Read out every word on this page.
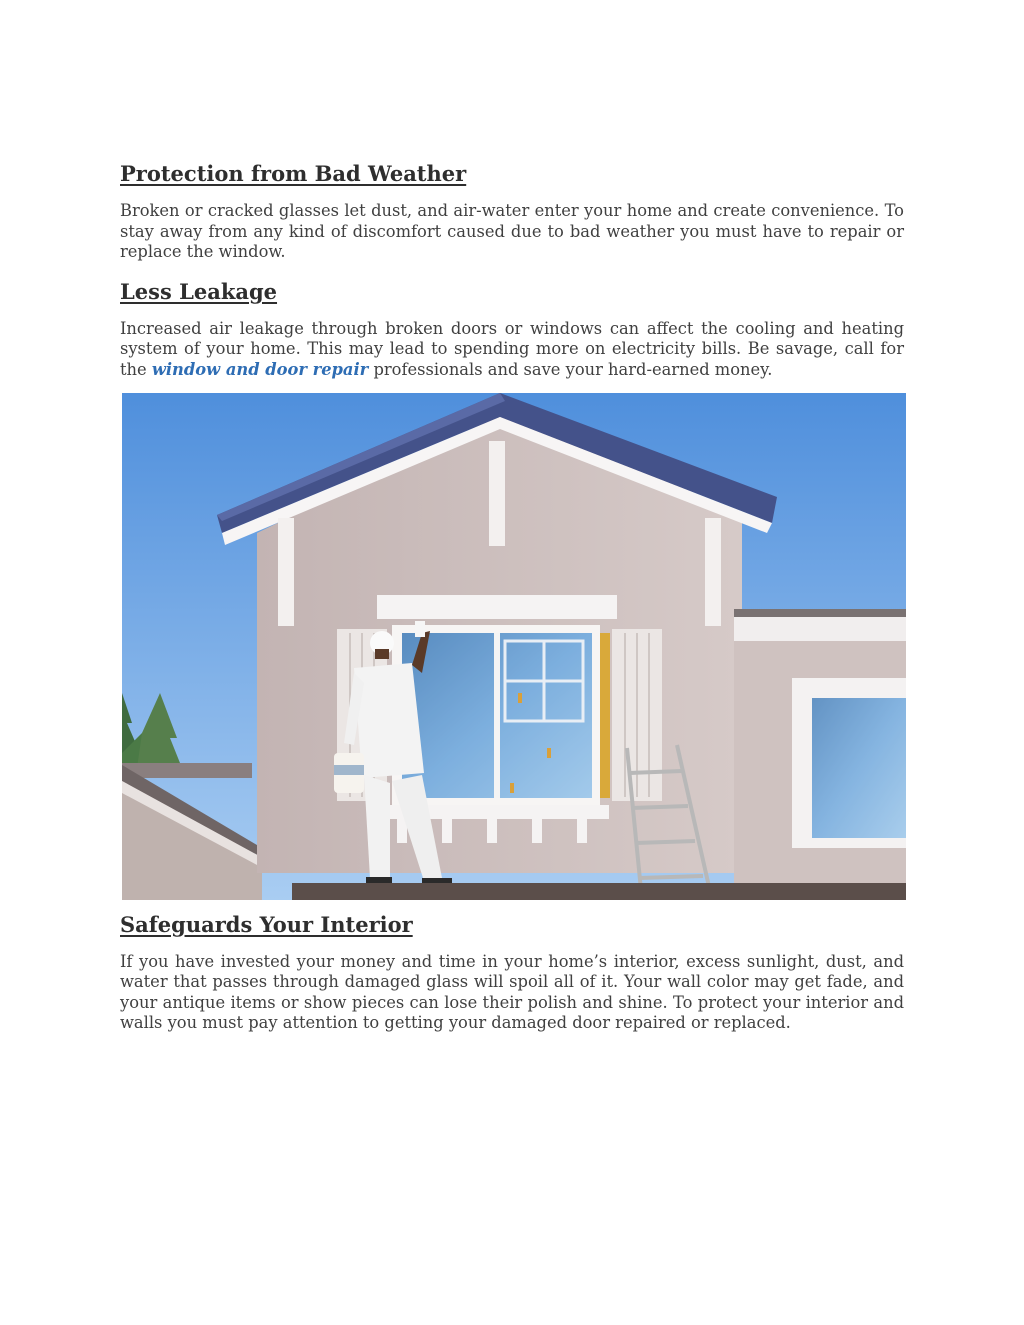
Protection from Bad Weather

Broken or cracked glasses let dust, and air-water enter your home and create convenience. To stay away from any kind of discomfort caused due to bad weather you must have to repair or replace the window.

Less Leakage

Increased air leakage through broken doors or windows can affect the cooling and heating system of your home. This may lead to spending more on electricity bills. Be savage, call for the window and door repair professionals and save your hard-earned money.

Safeguards Your Interior

If you have invested your money and time in your home’s interior, excess sunlight, dust, and water that passes through damaged glass will spoil all of it. Your wall color may get fade, and your antique items or show pieces can lose their polish and shine. To protect your interior and walls you must pay attention to getting your damaged door repaired or replaced.
